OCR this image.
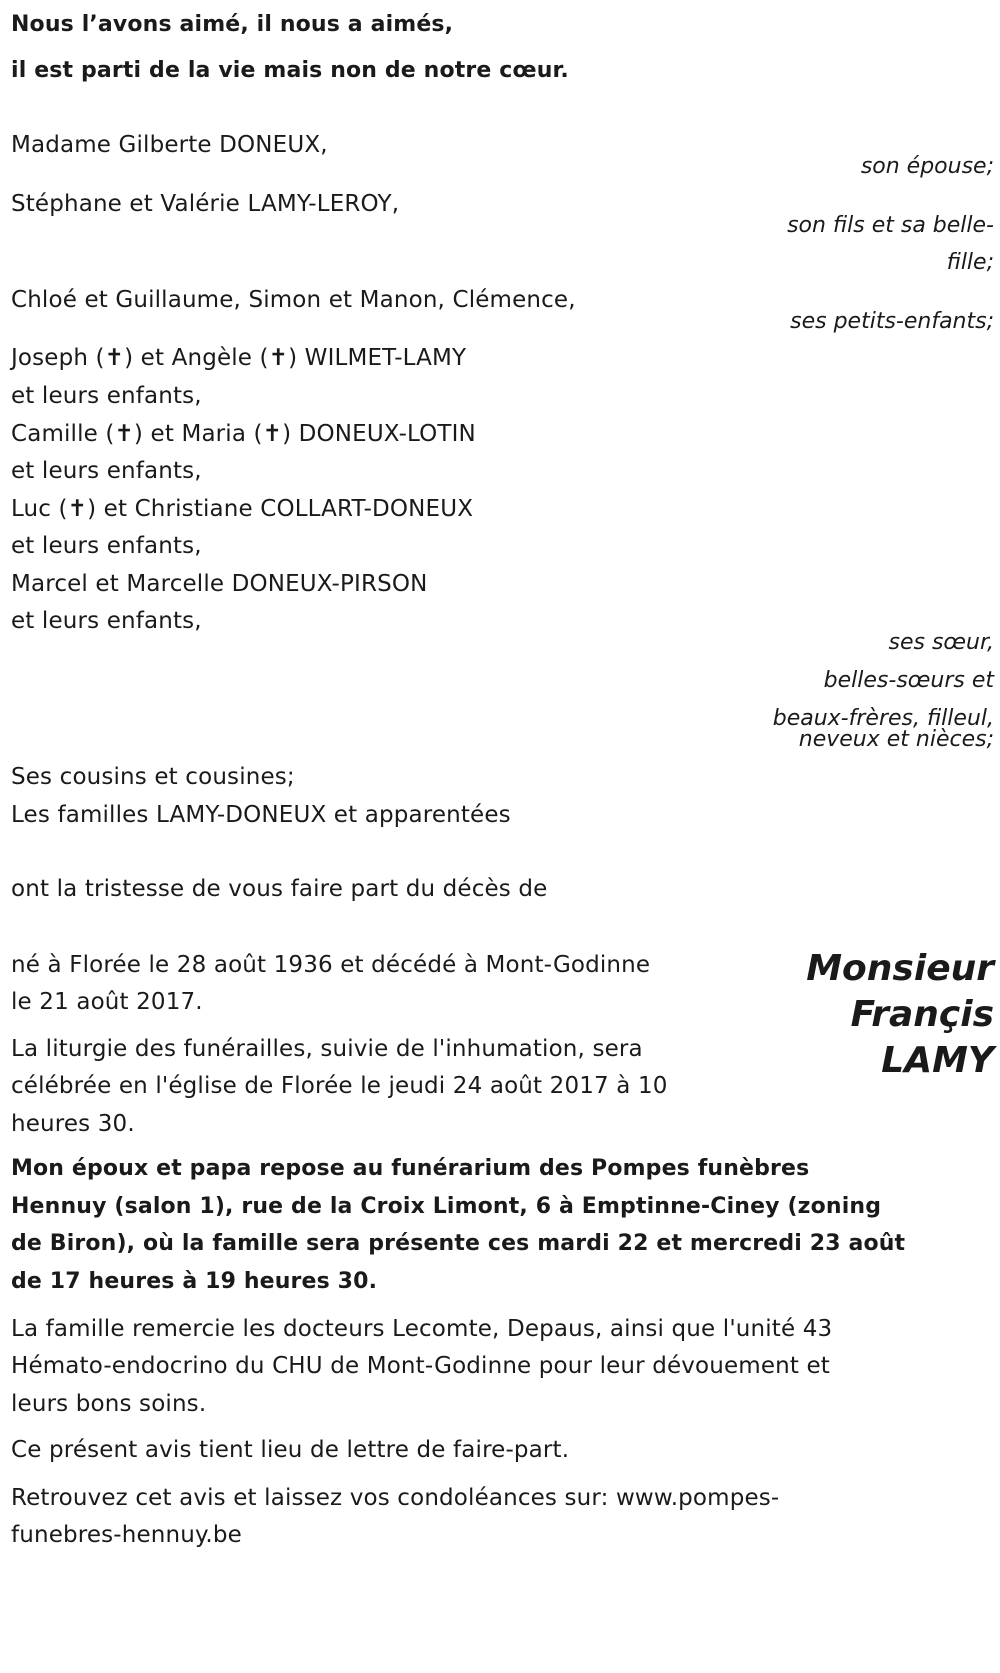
Nous l’avons aimé, il nous a aimés,
il est parti de la vie mais non de notre cœur.
Madame Gilberte DONEUX,
son épouse;
Stéphane et Valérie LAMY-LEROY,
son fils et sa belle-
fille;
Chloé et Guillaume, Simon et Manon, Clémence,
ses petits-enfants;
Joseph (✝) et Angèle (✝) WILMET-LAMY
et leurs enfants,
Camille (✝) et Maria (✝) DONEUX-LOTIN
et leurs enfants,
Luc (✝) et Christiane COLLART-DONEUX
et leurs enfants,
Marcel et Marcelle DONEUX-PIRSON
et leurs enfants,
ses sœur,
belles-sœurs et
beaux-frères, filleul,
neveux et nièces;
Ses cousins et cousines;
Les familles LAMY-DONEUX et apparentées
ont la tristesse de vous faire part du décès de
Monsieur
Françis
LAMY
né à Florée le 28 août 1936 et décédé à Mont-Godinne
le 21 août 2017.
La liturgie des funérailles, suivie de l'inhumation, sera
célébrée en l'église de Florée le jeudi 24 août 2017 à 10
heures 30.
Mon époux et papa repose au funérarium des Pompes funèbres
Hennuy (salon 1), rue de la Croix Limont, 6 à Emptinne-Ciney (zoning
de Biron), où la famille sera présente ces mardi 22 et mercredi 23 août
de 17 heures à 19 heures 30.
La famille remercie les docteurs Lecomte, Depaus, ainsi que l'unité 43
Hémato-endocrino du CHU de Mont-Godinne pour leur dévouement et
leurs bons soins.
Ce présent avis tient lieu de lettre de faire-part.
Retrouvez cet avis et laissez vos condoléances sur: www.pompes-
funebres-hennuy.be
